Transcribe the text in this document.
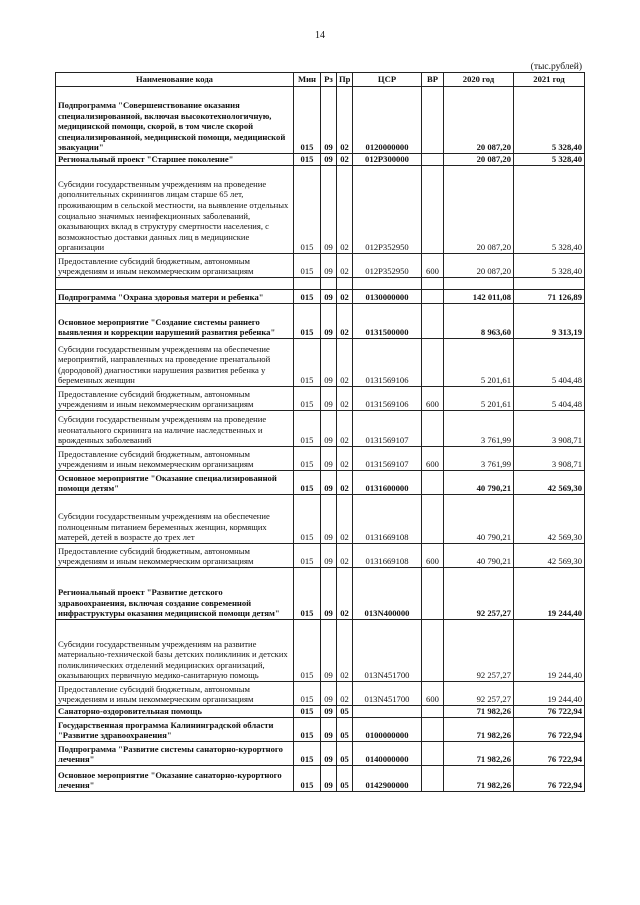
14
(тыс.рублей)
Наименование кода	Мин	Рз	Пр	ЦСР	ВР	2020 год	2021 год
Подпрограмма "Совершенствование оказания специализированной, включая высокотехнологичную, медицинской помощи, скорой, в том числе скорой специализированной, медицинской помощи, медицинской эвакуации"	015	09	02	0120000000		20 087,20	5 328,40
Региональный проект "Старшее поколение"	015	09	02	012P300000		20 087,20	5 328,40
Субсидии государственным учреждениям на проведение дополнительных скринингов лицам старше 65 лет, проживающим в сельской местности, на выявление отдельных социально значимых неинфекционных заболеваний, оказывающих вклад в структуру смертности населения, с возможностью доставки данных лиц в медицинские организации	015	09	02	012P352950		20 087,20	5 328,40
Предоставление субсидий бюджетным, автономным учреждениям и иным некоммерческим организациям	015	09	02	012P352950	600	20 087,20	5 328,40

Подпрограмма "Охрана здоровья матери и ребенка"	015	09	02	0130000000		142 011,08	71 126,89
Основное мероприятие "Создание системы раннего выявления и коррекции нарушений развития ребенка"	015	09	02	0131500000		8 963,60	9 313,19
Субсидии государственным учреждениям на обеспечение мероприятий, направленных на проведение пренатальной (дородовой) диагностики нарушения развития ребенка у беременных женщин	015	09	02	0131569106		5 201,61	5 404,48
Предоставление субсидий бюджетным, автономным учреждениям и иным некоммерческим организациям	015	09	02	0131569106	600	5 201,61	5 404,48
Субсидии государственным учреждениям на проведение неонатального скрининга на наличие наследственных и врожденных заболеваний	015	09	02	0131569107		3 761,99	3 908,71
Предоставление субсидий бюджетным, автономным учреждениям и иным некоммерческим организациям	015	09	02	0131569107	600	3 761,99	3 908,71
Основное мероприятие "Оказание специализированной помощи детям"	015	09	02	0131600000		40 790,21	42 569,30
Субсидии государственным учреждениям на обеспечение полноценным питанием беременных женщин, кормящих матерей, детей в возрасте до трех лет	015	09	02	0131669108		40 790,21	42 569,30
Предоставление субсидий бюджетным, автономным учреждениям и иным некоммерческим организациям	015	09	02	0131669108	600	40 790,21	42 569,30
Региональный проект "Развитие детского здравоохранения, включая создание современной инфраструктуры оказания медицинской помощи детям"	015	09	02	013N400000		92 257,27	19 244,40
Субсидии государственным учреждениям на развитие материально-технической базы детских поликлиник и детских поликлинических отделений медицинских организаций, оказывающих первичную медико-санитарную помощь	015	09	02	013N451700		92 257,27	19 244,40
Предоставление субсидий бюджетным, автономным учреждениям и иным некоммерческим организациям	015	09	02	013N451700	600	92 257,27	19 244,40
Санаторно-оздоровительная помощь	015	09	05			71 982,26	76 722,94
Государственная программа Калининградской области "Развитие здравоохранения"	015	09	05	0100000000		71 982,26	76 722,94
Подпрограмма "Развитие системы санаторно-курортного лечения"	015	09	05	0140000000		71 982,26	76 722,94
Основное мероприятие "Оказание санаторно-курортного лечения"	015	09	05	0142900000		71 982,26	76 722,94
